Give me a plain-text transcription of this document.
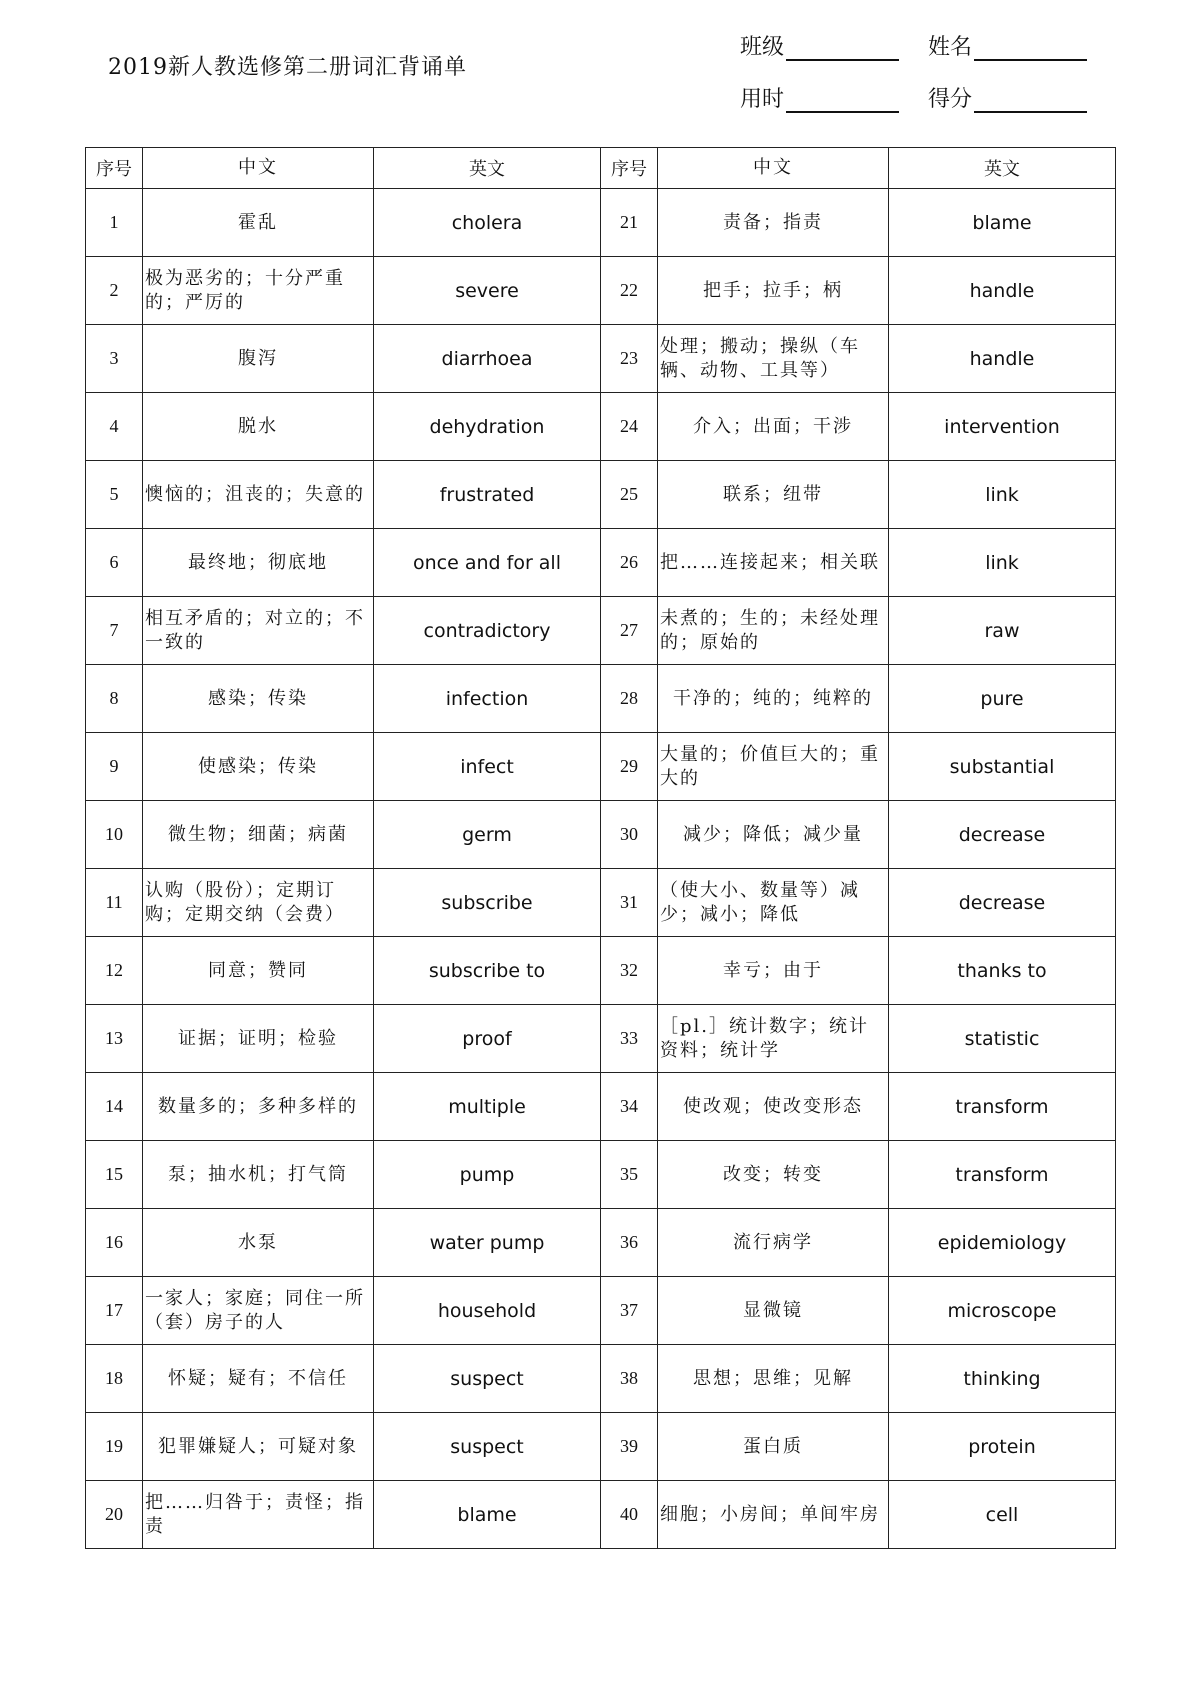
2019新人教选修第二册词汇背诵单
班级	姓名
用时	得分
序号	中文	英文	序号	中文	英文
1	霍乱	cholera	21	责备；指责	blame
2	极为恶劣的；十分严重的；严厉的	severe	22	把手；拉手；柄	handle
3	腹泻	diarrhoea	23	处理；搬动；操纵（车辆、动物、工具等）	handle
4	脱水	dehydration	24	介入；出面；干涉	intervention
5	懊恼的；沮丧的；失意的	frustrated	25	联系；纽带	link
6	最终地；彻底地	once and for all	26	把……连接起来；相关联	link
7	相互矛盾的；对立的；不一致的	contradictory	27	未煮的；生的；未经处理的；原始的	raw
8	感染；传染	infection	28	干净的；纯的；纯粹的	pure
9	使感染；传染	infect	29	大量的；价值巨大的；重大的	substantial
10	微生物；细菌；病菌	germ	30	减少；降低；减少量	decrease
11	认购（股份）；定期订购；定期交纳（会费）	subscribe	31	（使大小、数量等）减少；减小；降低	decrease
12	同意；赞同	subscribe to	32	幸亏；由于	thanks to
13	证据；证明；检验	proof	33	［pl.］统计数字；统计资料；统计学	statistic
14	数量多的；多种多样的	multiple	34	使改观；使改变形态	transform
15	泵；抽水机；打气筒	pump	35	改变；转变	transform
16	水泵	water pump	36	流行病学	epidemiology
17	一家人；家庭；同住一所（套）房子的人	household	37	显微镜	microscope
18	怀疑；疑有；不信任	suspect	38	思想；思维；见解	thinking
19	犯罪嫌疑人；可疑对象	suspect	39	蛋白质	protein
20	把……归咎于；责怪；指责	blame	40	细胞；小房间；单间牢房	cell
